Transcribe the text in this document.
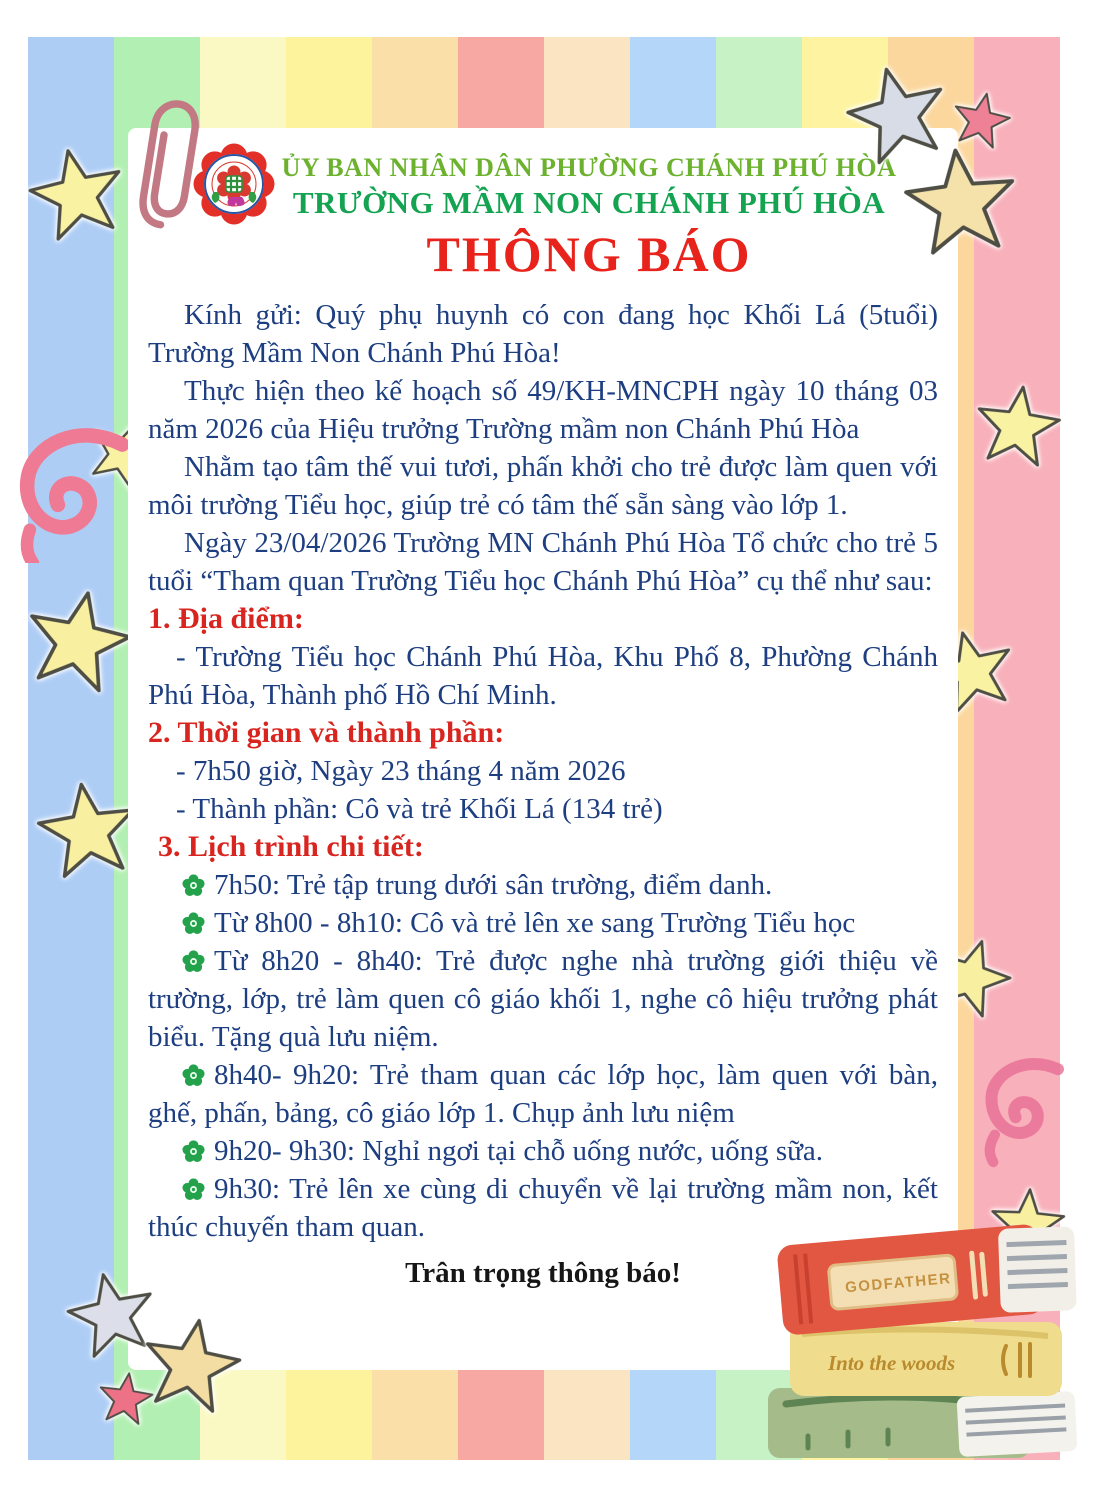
ỦY BAN NHÂN DÂN PHƯỜNG CHÁNH PHÚ HÒA
TRƯỜNG MẦM NON CHÁNH PHÚ HÒA
THÔNG BÁO

Kính gửi: Quý phụ huynh có con đang học Khối Lá (5tuổi) Trường Mầm Non Chánh Phú Hòa!

Thực hiện theo kế hoạch số 49/KH-MNCPH ngày 10 tháng 03 năm 2026 của Hiệu trưởng Trường mầm non Chánh Phú Hòa

Nhằm tạo tâm thế vui tươi, phấn khởi cho trẻ được làm quen với môi trường Tiểu học, giúp trẻ có tâm thế sẵn sàng vào lớp 1.

Ngày 23/04/2026 Trường MN Chánh Phú Hòa Tổ chức cho trẻ 5 tuổi “Tham quan Trường Tiểu học Chánh Phú Hòa” cụ thể như sau:

1. Địa điểm:

- Trường Tiểu học Chánh Phú Hòa, Khu Phố 8, Phường Chánh Phú Hòa, Thành phố Hồ Chí Minh.

2. Thời gian và thành phần:

- 7h50 giờ, Ngày 23 tháng 4 năm 2026

- Thành phần: Cô và trẻ Khối Lá (134 trẻ)

3. Lịch trình chi tiết:

7h50: Trẻ tập trung dưới sân trường, điểm danh.

Từ 8h00 - 8h10: Cô và trẻ lên xe sang Trường Tiểu học

Từ 8h20 - 8h40: Trẻ được nghe nhà trường giới thiệu về trường, lớp, trẻ làm quen cô giáo khối 1, nghe cô hiệu trưởng phát biểu. Tặng quà lưu niệm.

8h40- 9h20: Trẻ tham quan các lớp học, làm quen với bàn, ghế, phấn, bảng, cô giáo lớp 1. Chụp ảnh lưu niệm

9h20- 9h30: Nghỉ ngơi tại chỗ uống nước, uống sữa.

9h30: Trẻ lên xe cùng di chuyển về lại trường mầm non, kết thúc chuyến tham quan.

Trân trọng thông báo!

Into the woods
GODFATHER
